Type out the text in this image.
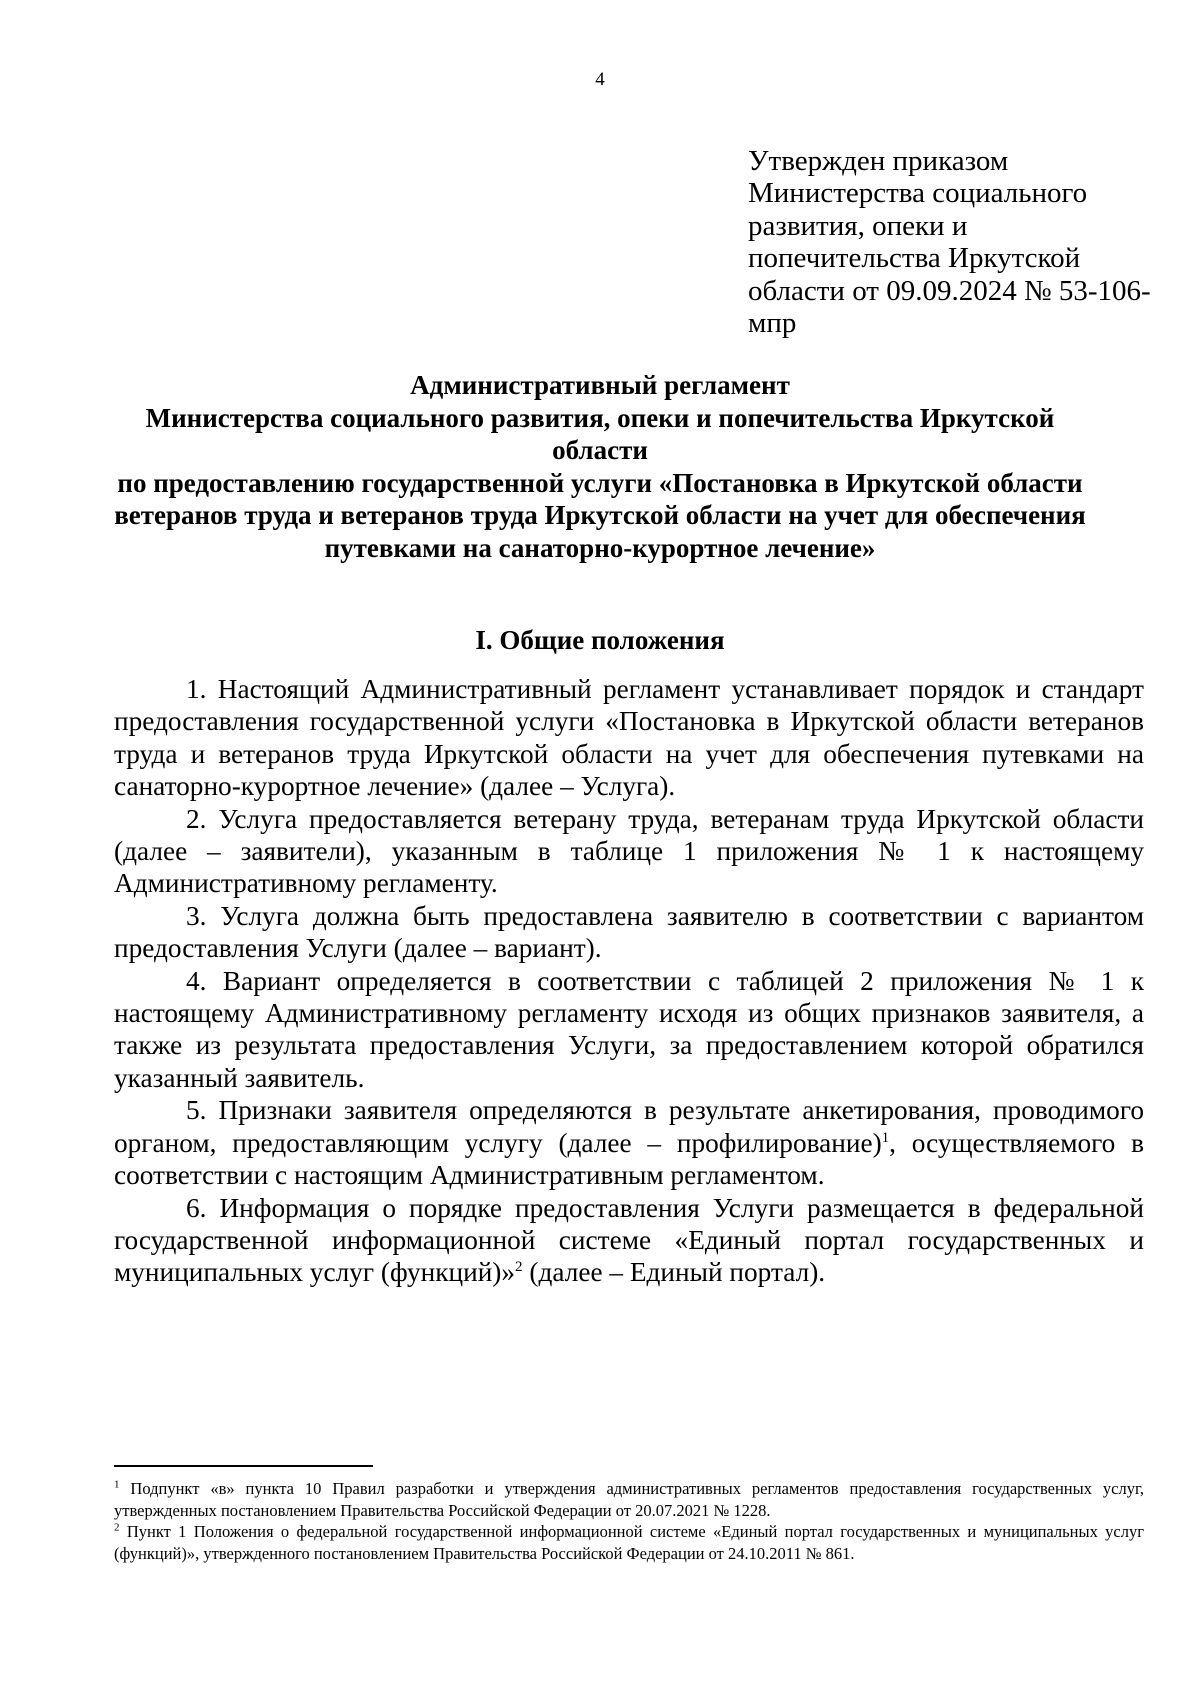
4
Утвержден приказом
Министерства социального
развития, опеки и
попечительства Иркутской
области от 09.09.2024 № 53-106-
мпр
Административный регламент
Министерства социального развития, опеки и попечительства Иркутской
области
по предоставлению государственной услуги «Постановка в Иркутской области
ветеранов труда и ветеранов труда Иркутской области на учет для обеспечения
путевками на санаторно-курортное лечение»
I. Общие положения

1. Настоящий Административный регламент устанавливает порядок и стандарт предоставления государственной услуги «Постановка в Иркутской области ветеранов труда и ветеранов труда Иркутской области на учет для обеспечения путевками на санаторно-курортное лечение» (далее – Услуга).

2. Услуга предоставляется ветерану труда, ветеранам труда Иркутской области (далее – заявители), указанным в таблице 1 приложения № 1 к настоящему Административному регламенту.

3. Услуга должна быть предоставлена заявителю в соответствии с вариантом предоставления Услуги (далее – вариант).

4. Вариант определяется в соответствии с таблицей 2 приложения № 1 к настоящему Административному регламенту исходя из общих признаков заявителя, а также из результата предоставления Услуги, за предоставлением которой обратился указанный заявитель.

5. Признаки заявителя определяются в результате анкетирования, проводимого органом, предоставляющим услугу (далее – профилирование)$^1$, осуществляемого в соответствии с настоящим Административным регламентом.

6. Информация о порядке предоставления Услуги размещается в федеральной государственной информационной системе «Единый портал государственных и муниципальных услуг (функций)»$^2$ (далее – Единый портал).

$^1$ Подпункт «в» пункта 10 Правил разработки и утверждения административных регламентов предоставления государственных услуг, утвержденных постановлением Правительства Российской Федерации от 20.07.2021 № 1228.

$^2$ Пункт 1 Положения о федеральной государственной информационной системе «Единый портал государственных и муниципальных услуг (функций)», утвержденного постановлением Правительства Российской Федерации от 24.10.2011 № 861.
